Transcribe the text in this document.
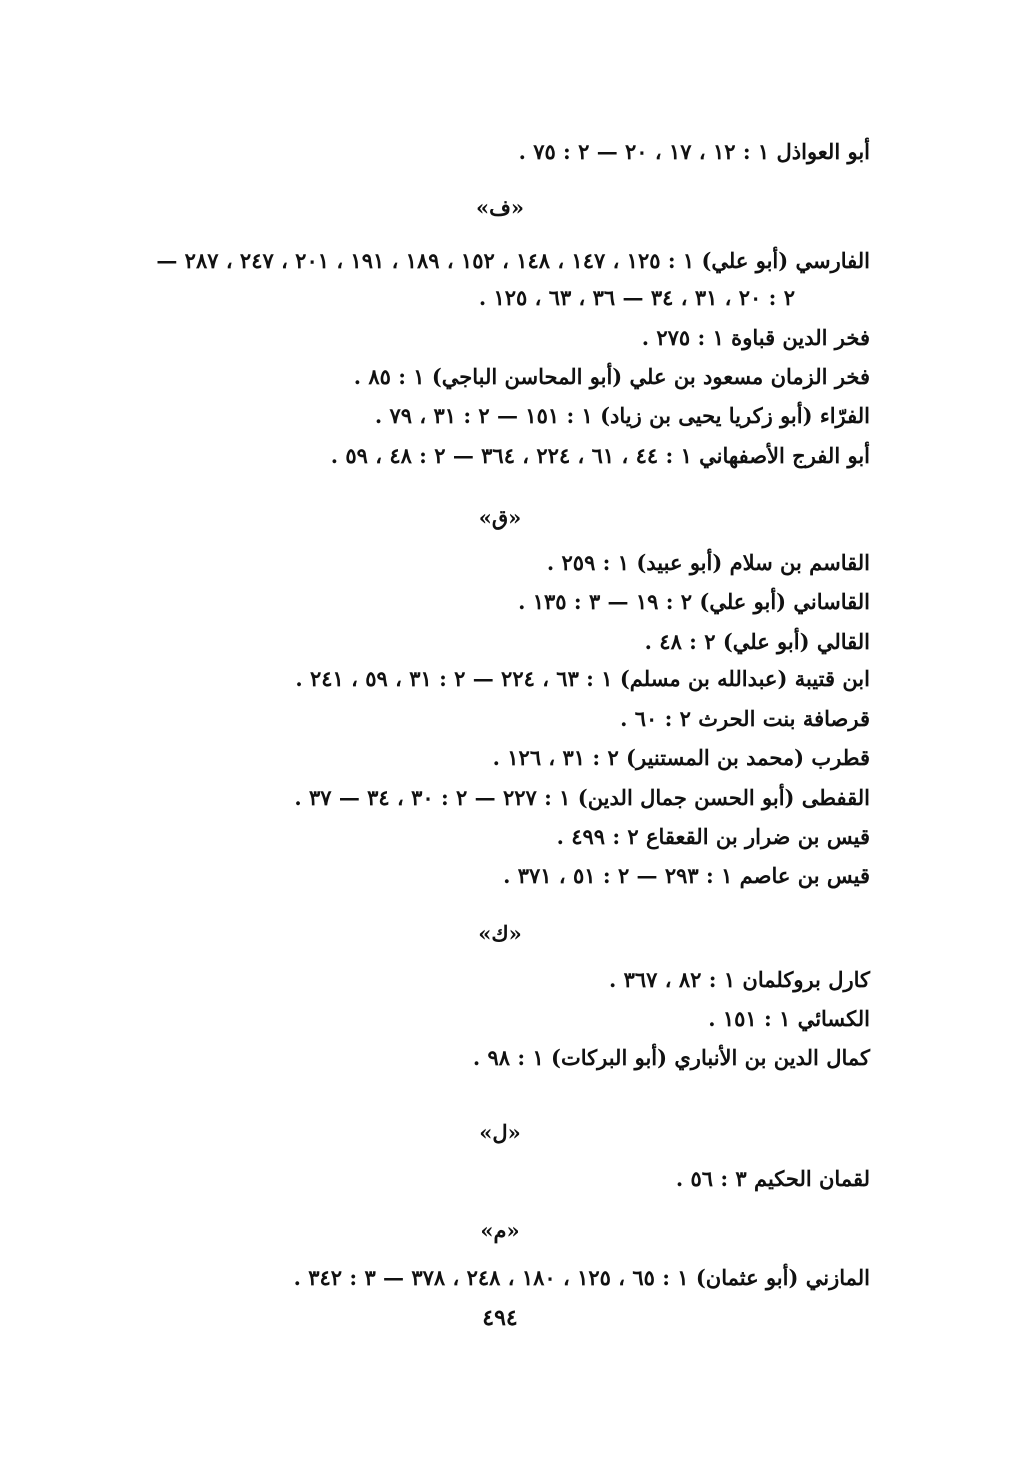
أبو العواذل ١ : ١٢ ، ١٧ ، ٢٠ — ٢ : ٧٥ .
«ف»
الفارسي (أبو علي) ١ : ١٢٥ ، ١٤٧ ، ١٤٨ ، ١٥٢ ، ١٨٩ ، ١٩١ ، ٢٠١ ، ٢٤٧ ، ٢٨٧ —
٢ : ٢٠ ، ٣١ ، ٣٤ — ٣٦ ، ٦٣ ، ١٢٥ .
فخر الدين قباوة ١ : ٢٧٥ .
فخر الزمان مسعود بن علي (أبو المحاسن الباجي) ١ : ٨٥ .
الفرّاء (أبو زكريا يحيى بن زياد) ١ : ١٥١ — ٢ : ٣١ ، ٧٩ .
أبو الفرج الأصفهاني ١ : ٤٤ ، ٦١ ، ٢٢٤ ، ٣٦٤ — ٢ : ٤٨ ، ٥٩ .
«ق»
القاسم بن سلام (أبو عبيد) ١ : ٢٥٩ .
القاساني (أبو علي) ٢ : ١٩ — ٣ : ١٣٥ .
القالي (أبو علي) ٢ : ٤٨ .
ابن قتيبة (عبدالله بن مسلم) ١ : ٦٣ ، ٢٢٤ — ٢ : ٣١ ، ٥٩ ، ٢٤١ .
قرصافة بنت الحرث ٢ : ٦٠ .
قطرب (محمد بن المستنير) ٢ : ٣١ ، ١٢٦ .
القفطى (أبو الحسن جمال الدين) ١ : ٢٢٧ — ٢ : ٣٠ ، ٣٤ — ٣٧ .
قيس بن ضرار بن القعقاع ٢ : ٤٩٩ .
قيس بن عاصم ١ : ٢٩٣ — ٢ : ٥١ ، ٣٧١ .
«ك»
كارل بروكلمان ١ : ٨٢ ، ٣٦٧ .
الكسائي ١ : ١٥١ .
كمال الدين بن الأنباري (أبو البركات) ١ : ٩٨ .
«ل»
لقمان الحكيم ٣ : ٥٦ .
«م»
المازني (أبو عثمان) ١ : ٦٥ ، ١٢٥ ، ١٨٠ ، ٢٤٨ ، ٣٧٨ — ٣ : ٣٤٢ .
٤٩٤
